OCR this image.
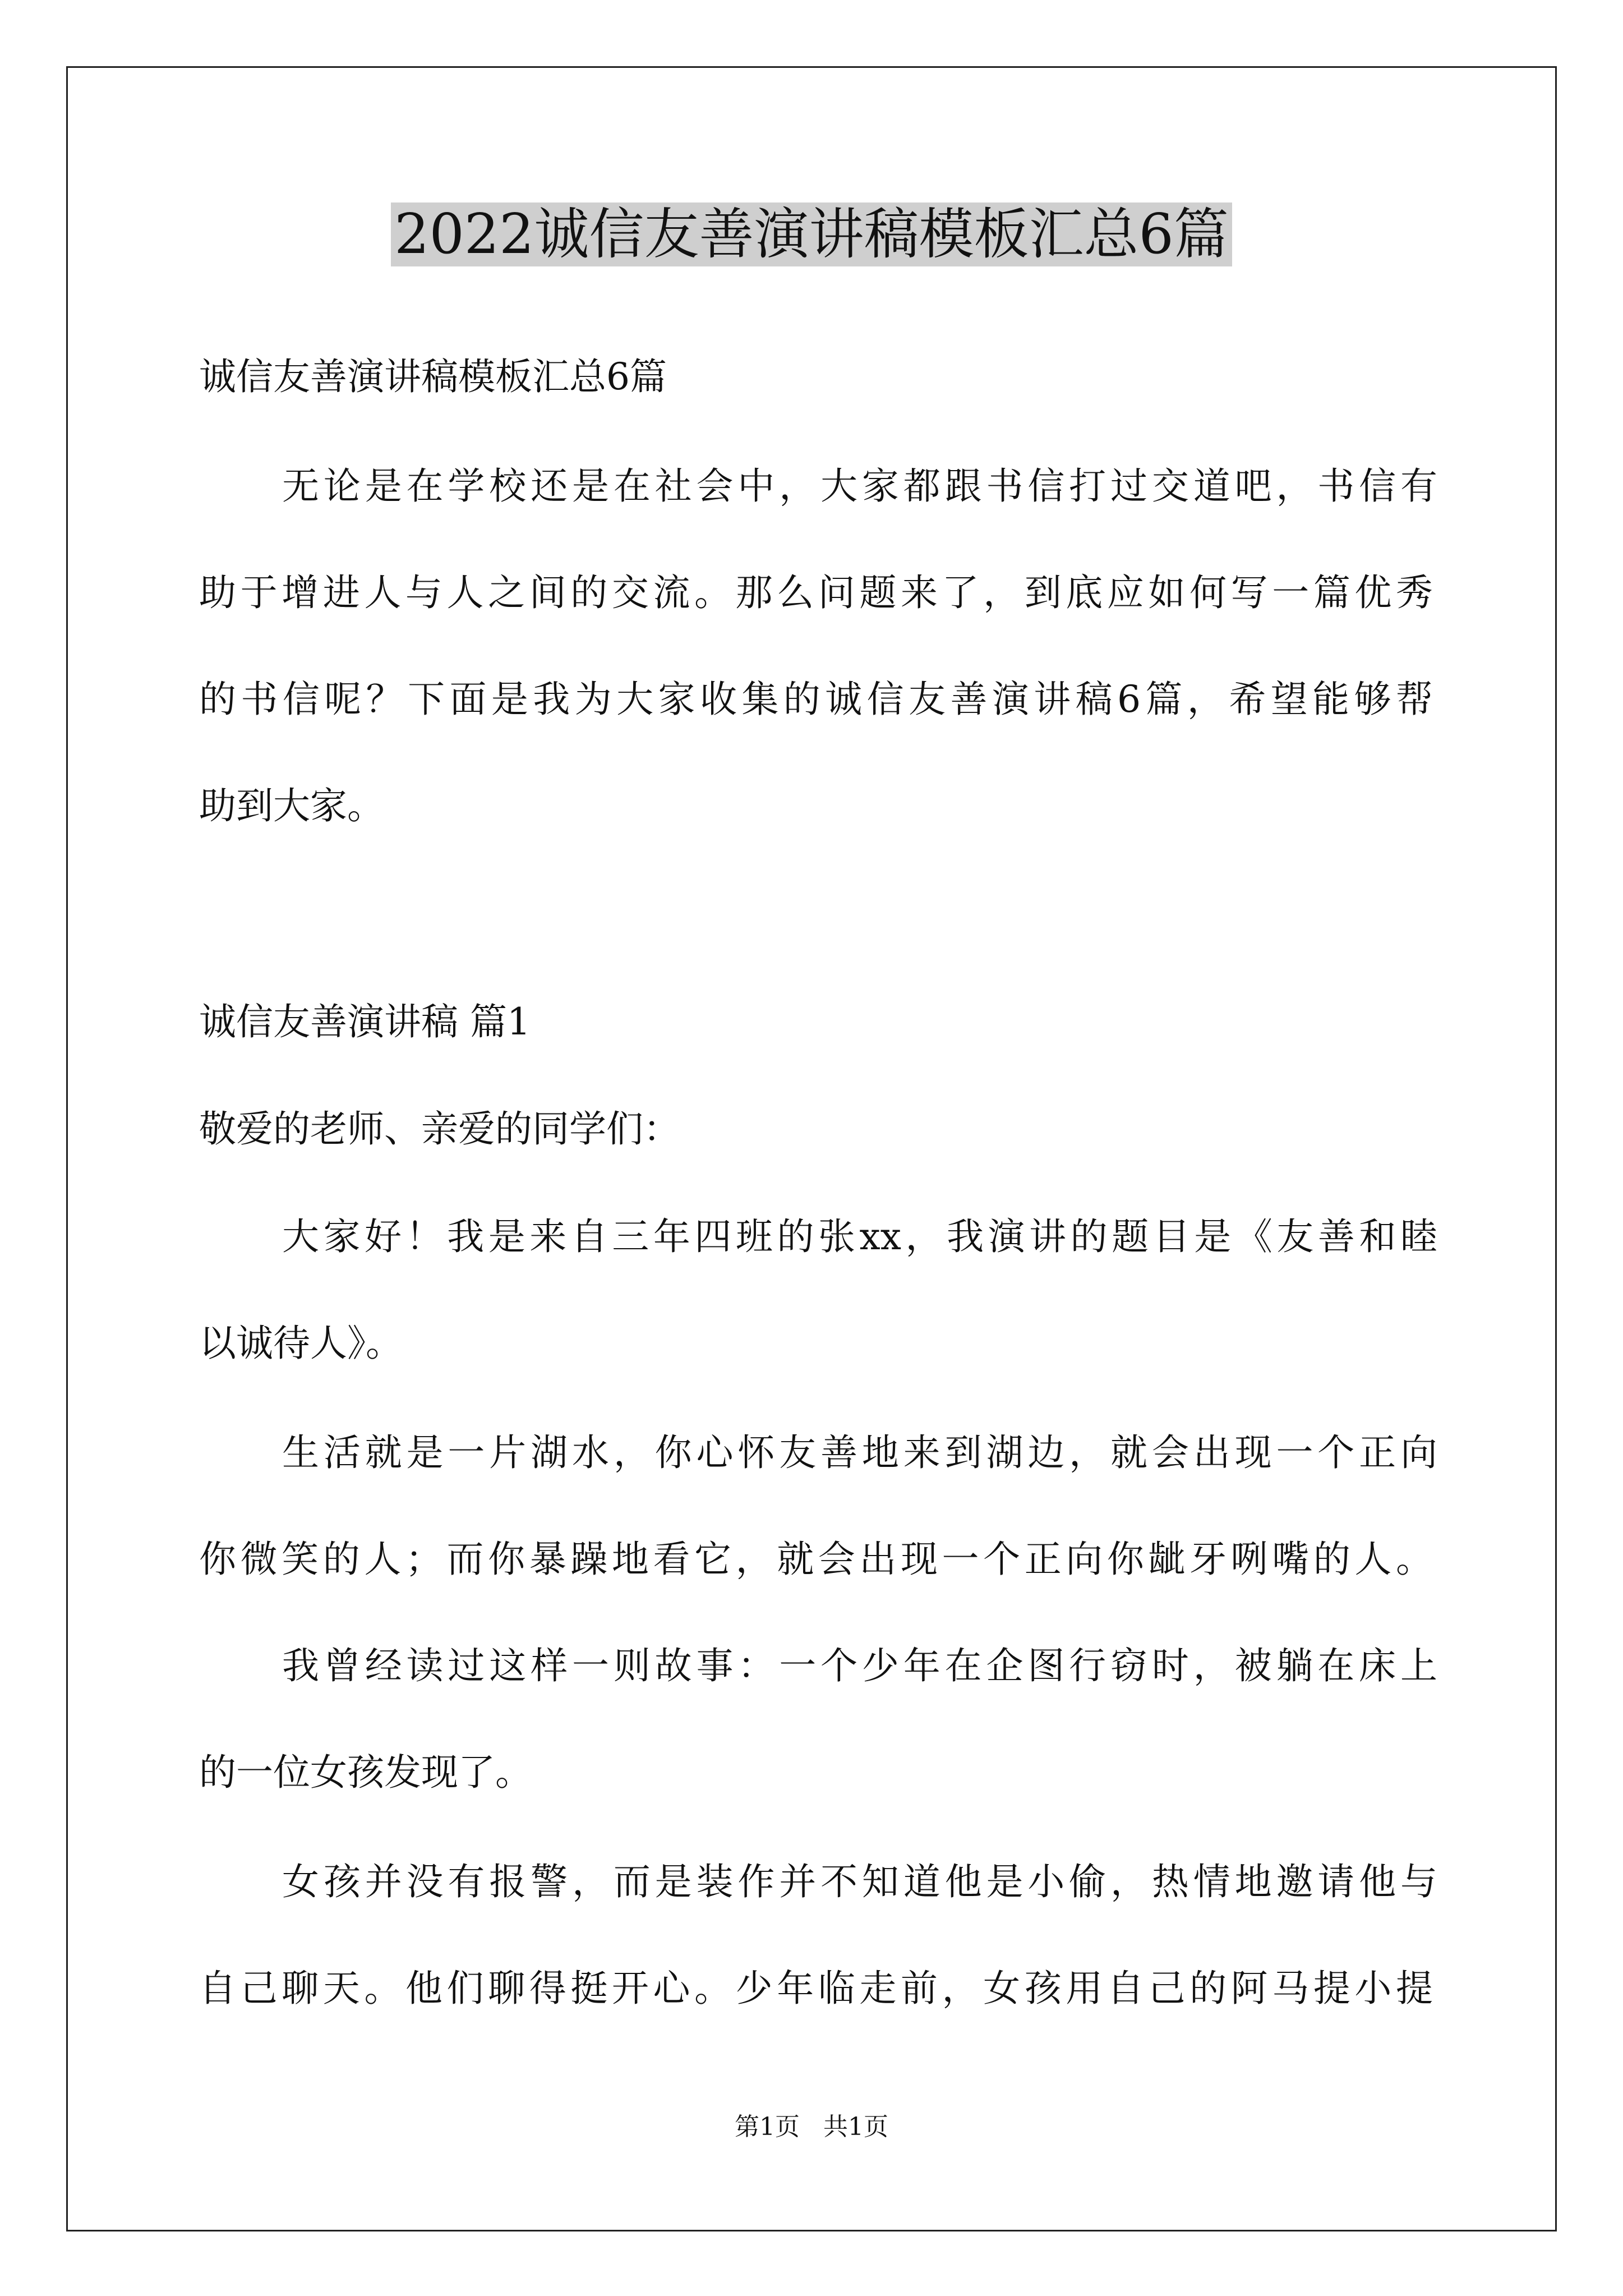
2022诚信友善演讲稿模板汇总6篇
诚信友善演讲稿模板汇总6篇
无论是在学校还是在社会中，大家都跟书信打过交道吧，书信有
助于增进人与人之间的交流。那么问题来了，到底应如何写一篇优秀
的书信呢？下面是我为大家收集的诚信友善演讲稿6篇，希望能够帮
助到大家。
诚信友善演讲稿 篇1
敬爱的老师、亲爱的同学们：
大家好！我是来自三年四班的张xx，我演讲的题目是《友善和睦
以诚待人》。
生活就是一片湖水，你心怀友善地来到湖边，就会出现一个正向
你微笑的人；而你暴躁地看它，就会出现一个正向你龇牙咧嘴的人。
我曾经读过这样一则故事：一个少年在企图行窃时，被躺在床上
的一位女孩发现了。
女孩并没有报警，而是装作并不知道他是小偷，热情地邀请他与
自己聊天。他们聊得挺开心。少年临走前，女孩用自己的阿马提小提
第1页   共1页
